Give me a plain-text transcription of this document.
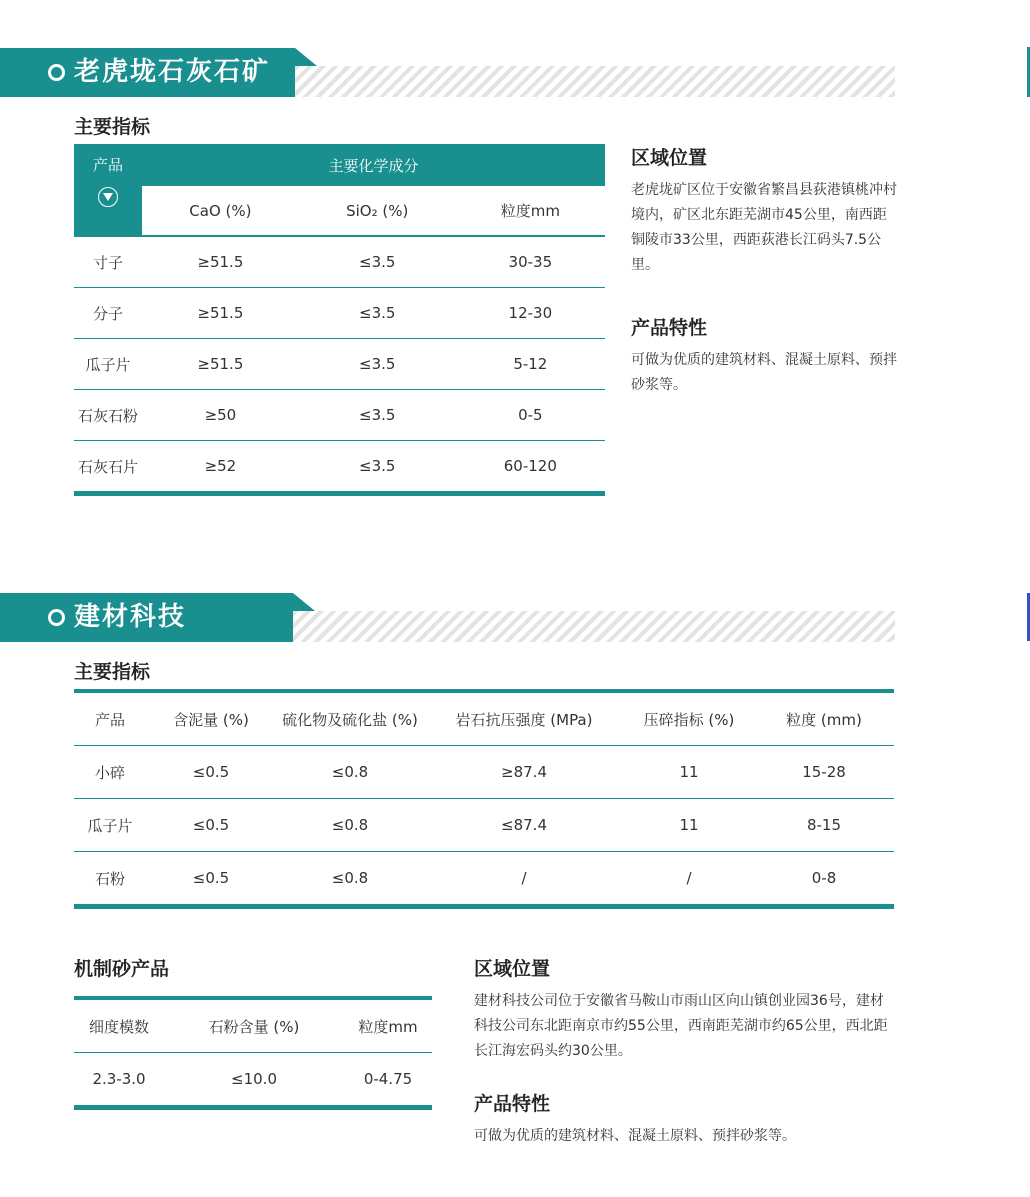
老虎垅石灰石矿
主要指标
产品	主要化学成分		
	CaO (%)	SiO₂ (%)	粒度mm
寸子	≥51.5	≤3.5	30-35
分子	≥51.5	≤3.5	12-30
瓜子片	≥51.5	≤3.5	5-12
石灰石粉	≥50	≤3.5	0-5
石灰石片	≥52	≤3.5	60-120
区域位置
老虎垅矿区位于安徽省繁昌县荻港镇桃冲村境内，矿区北东距芜湖市45公里，南西距铜陵市33公里，西距荻港长江码头7.5公里。
产品特性
可做为优质的建筑材料、混凝土原料、预拌砂浆等。
建材科技
主要指标
产品	含泥量 (%)	硫化物及硫化盐 (%)	岩石抗压强度 (MPa)	压碎指标 (%)	粒度 (mm)
小碎	≤0.5	≤0.8	≥87.4	11	15-28
瓜子片	≤0.5	≤0.8	≤87.4	11	8-15
石粉	≤0.5	≤0.8	/	/	0-8
机制砂产品
细度模数	石粉含量 (%)	粒度mm
2.3-3.0	≤10.0	0-4.75
区域位置
建材科技公司位于安徽省马鞍山市雨山区向山镇创业园36号，建材科技公司东北距南京市约55公里，西南距芜湖市约65公里，西北距长江海宏码头约30公里。
产品特性
可做为优质的建筑材料、混凝土原料、预拌砂浆等。
